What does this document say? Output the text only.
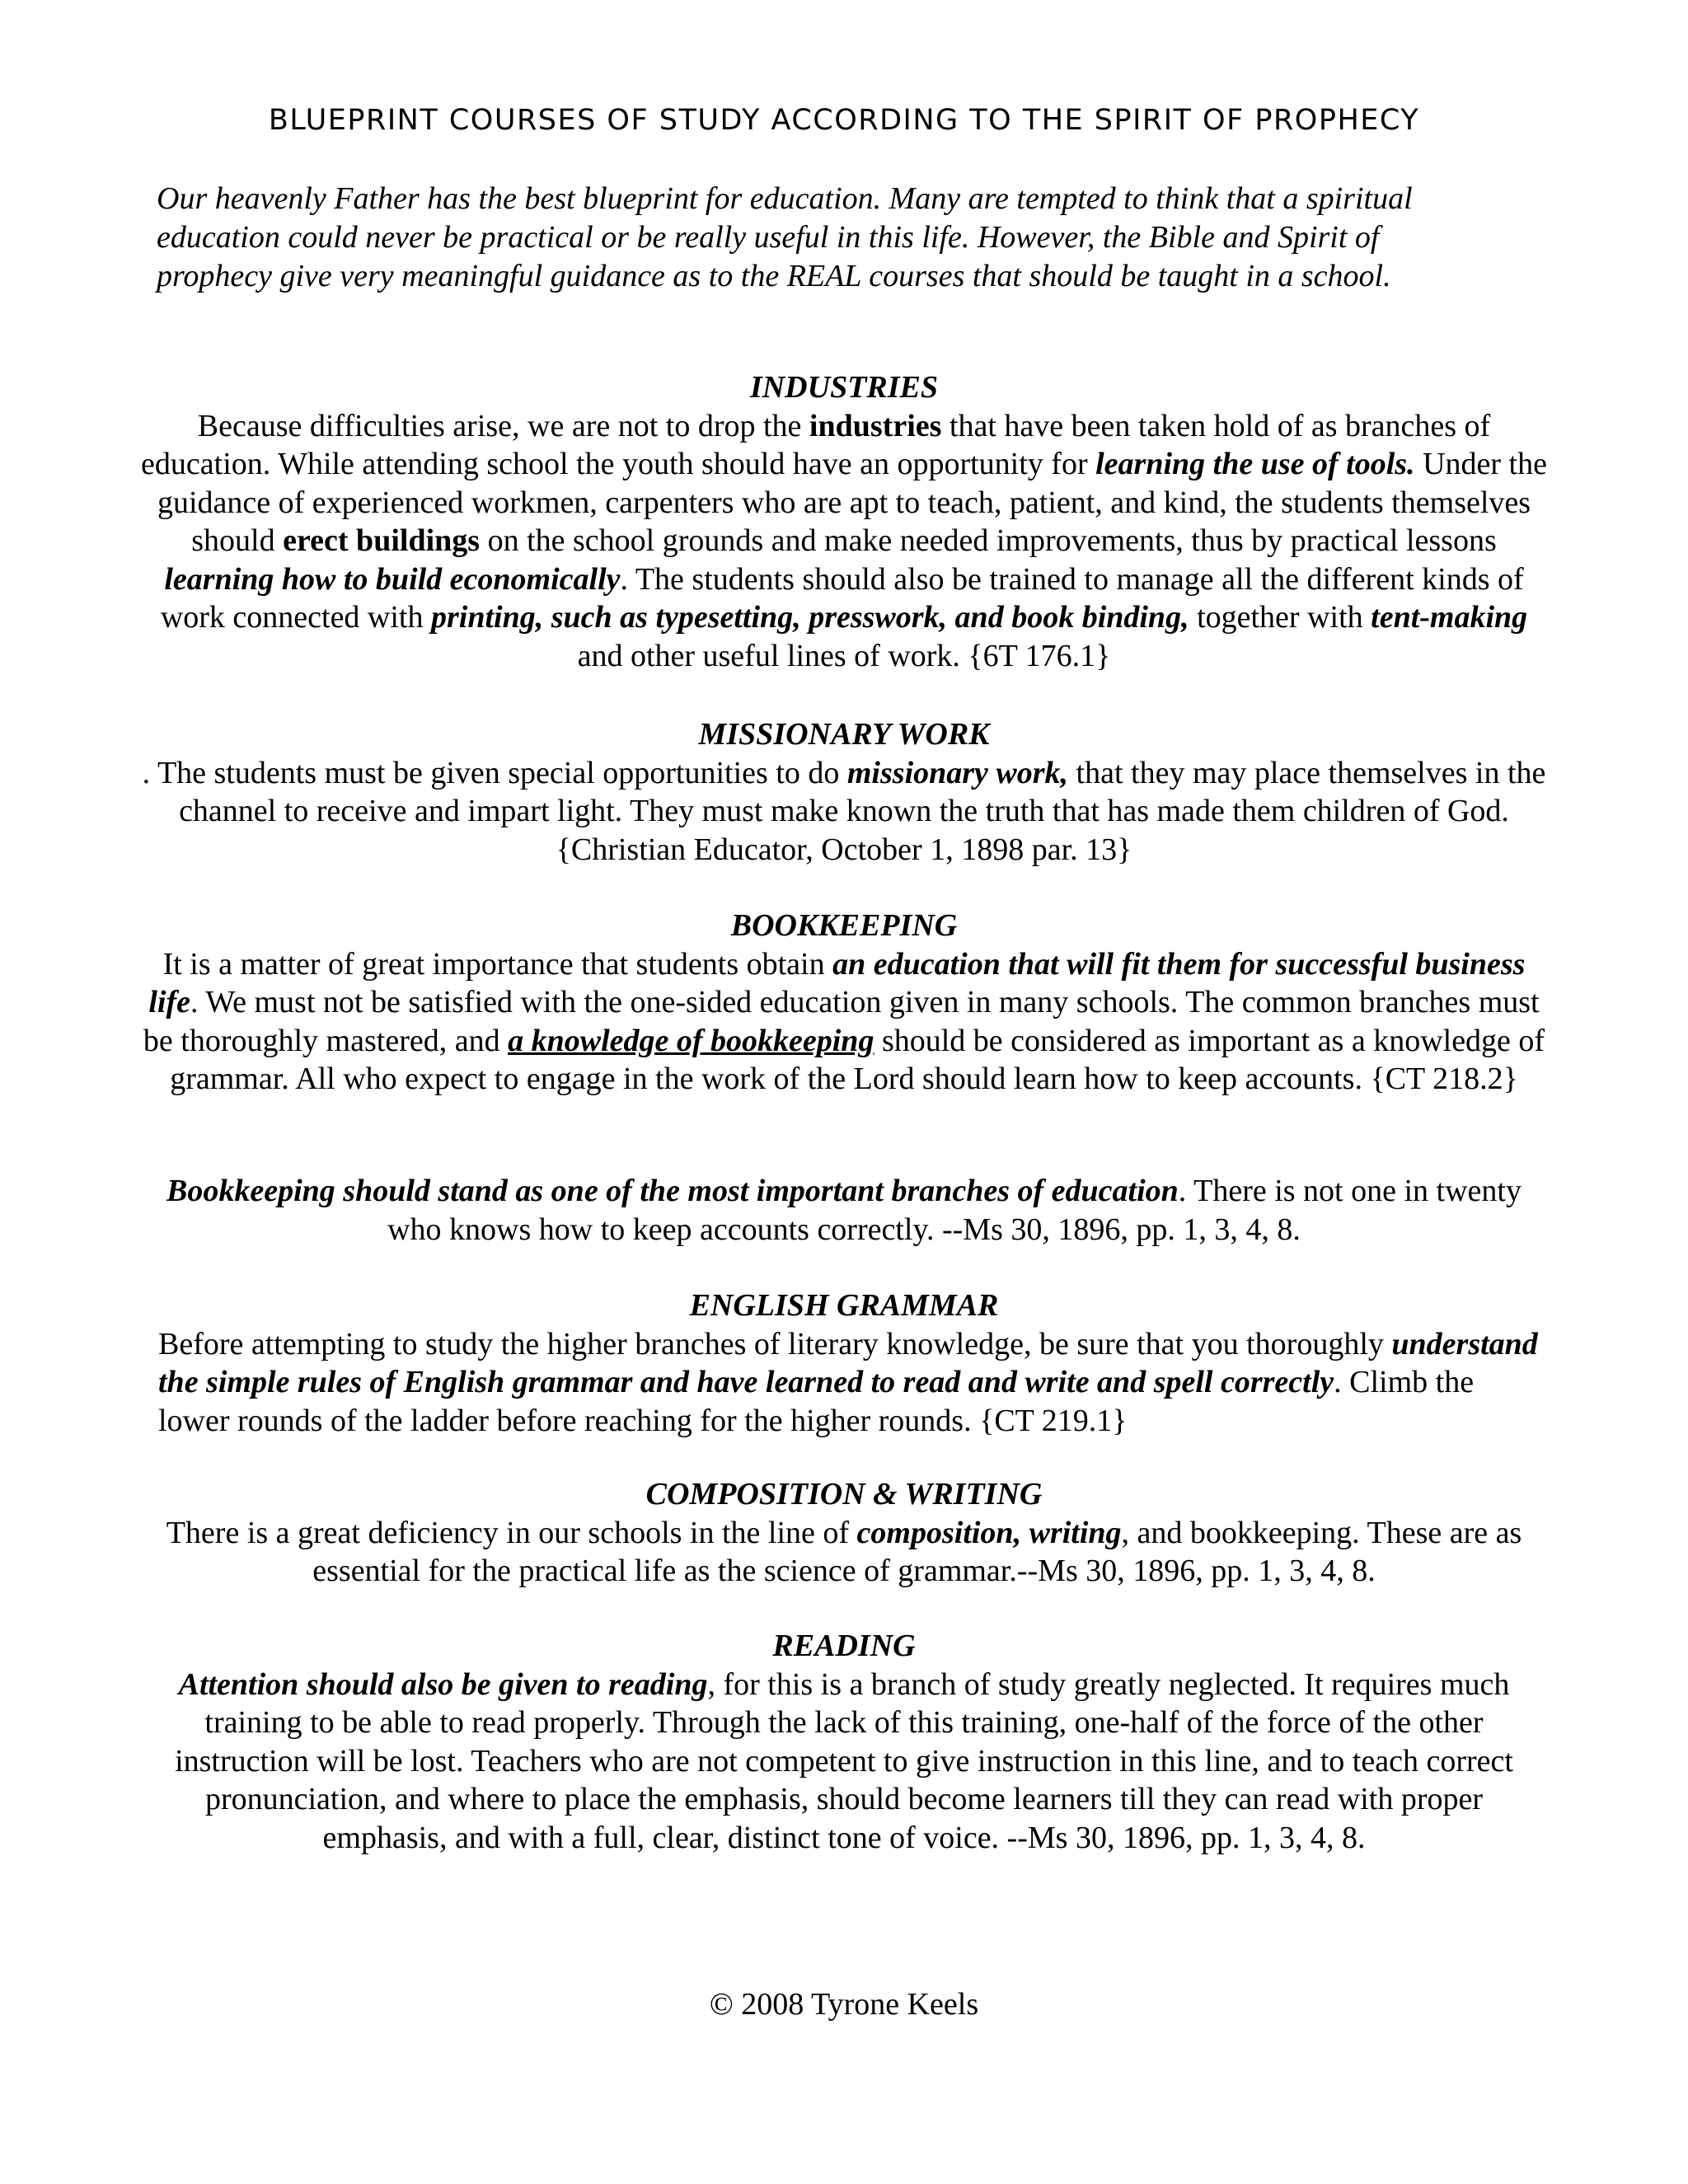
BLUEPRINT COURSES OF STUDY ACCORDING TO THE SPIRIT OF PROPHECY
Our heavenly Father has the best blueprint for education. Many are tempted to think that a spiritual
education could never be practical or be really useful in this life. However, the Bible and Spirit of
prophecy give very meaningful guidance as to the REAL courses that should be taught in a school.
INDUSTRIES

Because difficulties arise, we are not to drop the industries that have been taken hold of as branches of education. While attending school the youth should have an opportunity for learning the use of tools. Under the guidance of experienced workmen, carpenters who are apt to teach, patient, and kind, the students themselves should erect buildings on the school grounds and make needed improvements, thus by practical lessons learning how to build economically. The students should also be trained to manage all the different kinds of work connected with printing, such as typesetting, presswork, and book binding, together with tent-making and other useful lines of work. {6T 176.1}

MISSIONARY WORK

. The students must be given special opportunities to do missionary work, that they may place themselves in the channel to receive and impart light. They must make known the truth that has made them children of God. {Christian Educator, October 1, 1898 par. 13}

BOOKKEEPING

It is a matter of great importance that students obtain an education that will fit them for successful business life. We must not be satisfied with the one-sided education given in many schools. The common branches must be thoroughly mastered, and a knowledge of bookkeeping should be considered as important as a knowledge of grammar. All who expect to engage in the work of the Lord should learn how to keep accounts. {CT 218.2}

Bookkeeping should stand as one of the most important branches of education. There is not one in twenty who knows how to keep accounts correctly. --Ms 30, 1896, pp. 1, 3, 4, 8.

ENGLISH GRAMMAR

Before attempting to study the higher branches of literary knowledge, be sure that you thoroughly understand the simple rules of English grammar and have learned to read and write and spell correctly. Climb the lower rounds of the ladder before reaching for the higher rounds. {CT 219.1}

COMPOSITION & WRITING

There is a great deficiency in our schools in the line of composition, writing, and bookkeeping. These are as essential for the practical life as the science of grammar.--Ms 30, 1896, pp. 1, 3, 4, 8.

READING

Attention should also be given to reading, for this is a branch of study greatly neglected. It requires much training to be able to read properly. Through the lack of this training, one-half of the force of the other instruction will be lost. Teachers who are not competent to give instruction in this line, and to teach correct pronunciation, and where to place the emphasis, should become learners till they can read with proper emphasis, and with a full, clear, distinct tone of voice. --Ms 30, 1896, pp. 1, 3, 4, 8.

© 2008 Tyrone Keels
